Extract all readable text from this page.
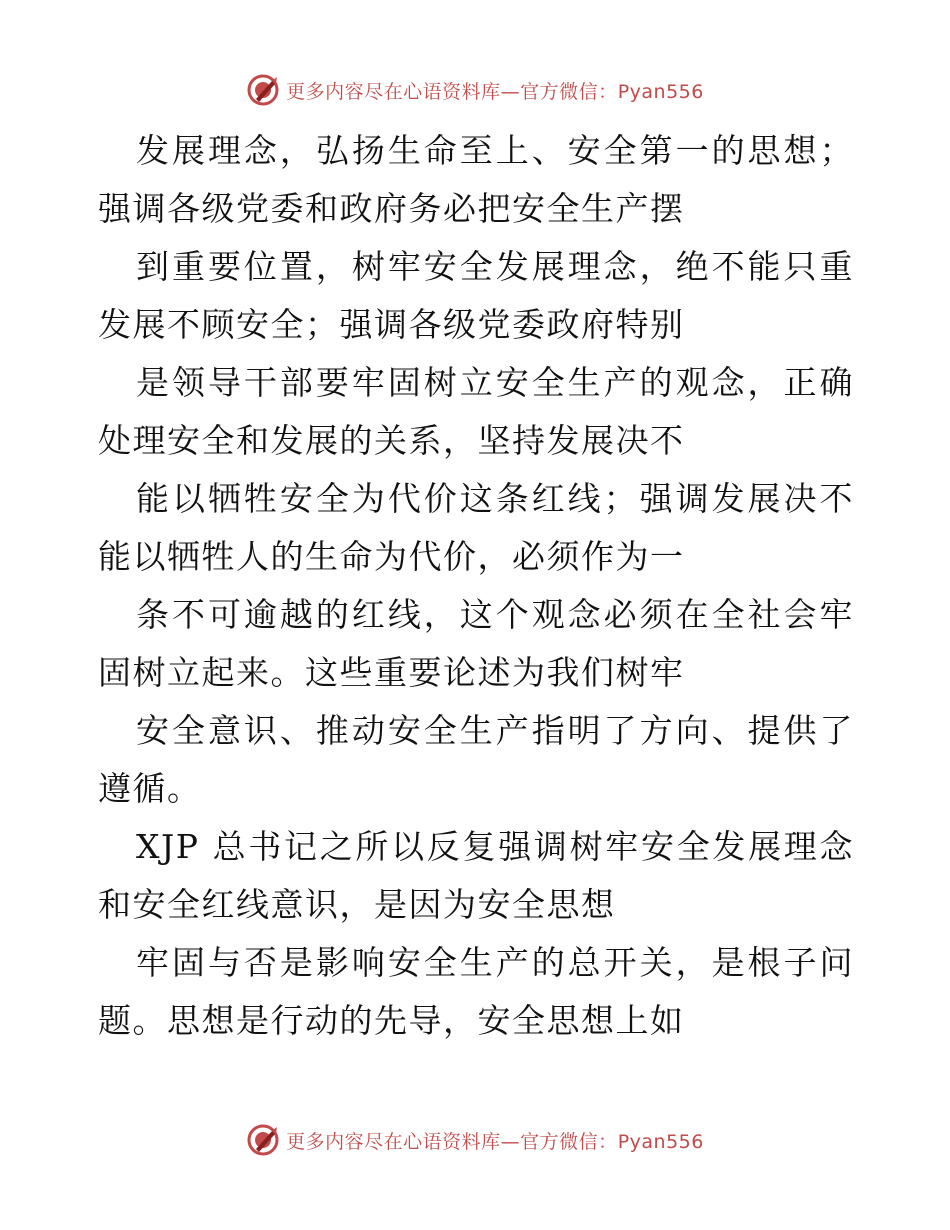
更多内容尽在心语资料库—官方微信：Pyan556

发展理念，弘扬生命至上、安全第一的思想；强调各级党委和政府务必把安全生产摆

到重要位置，树牢安全发展理念，绝不能只重发展不顾安全；强调各级党委政府特别

是领导干部要牢固树立安全生产的观念，正确处理安全和发展的关系，坚持发展决不

能以牺牲安全为代价这条红线；强调发展决不能以牺牲人的生命为代价，必须作为一

条不可逾越的红线，这个观念必须在全社会牢固树立起来。这些重要论述为我们树牢

安全意识、推动安全生产指明了方向、提供了遵循。

XJP 总书记之所以反复强调树牢安全发展理念和安全红线意识，是因为安全思想

牢固与否是影响安全生产的总开关，是根子问题。思想是行动的先导，安全思想上如

更多内容尽在心语资料库—官方微信：Pyan556
